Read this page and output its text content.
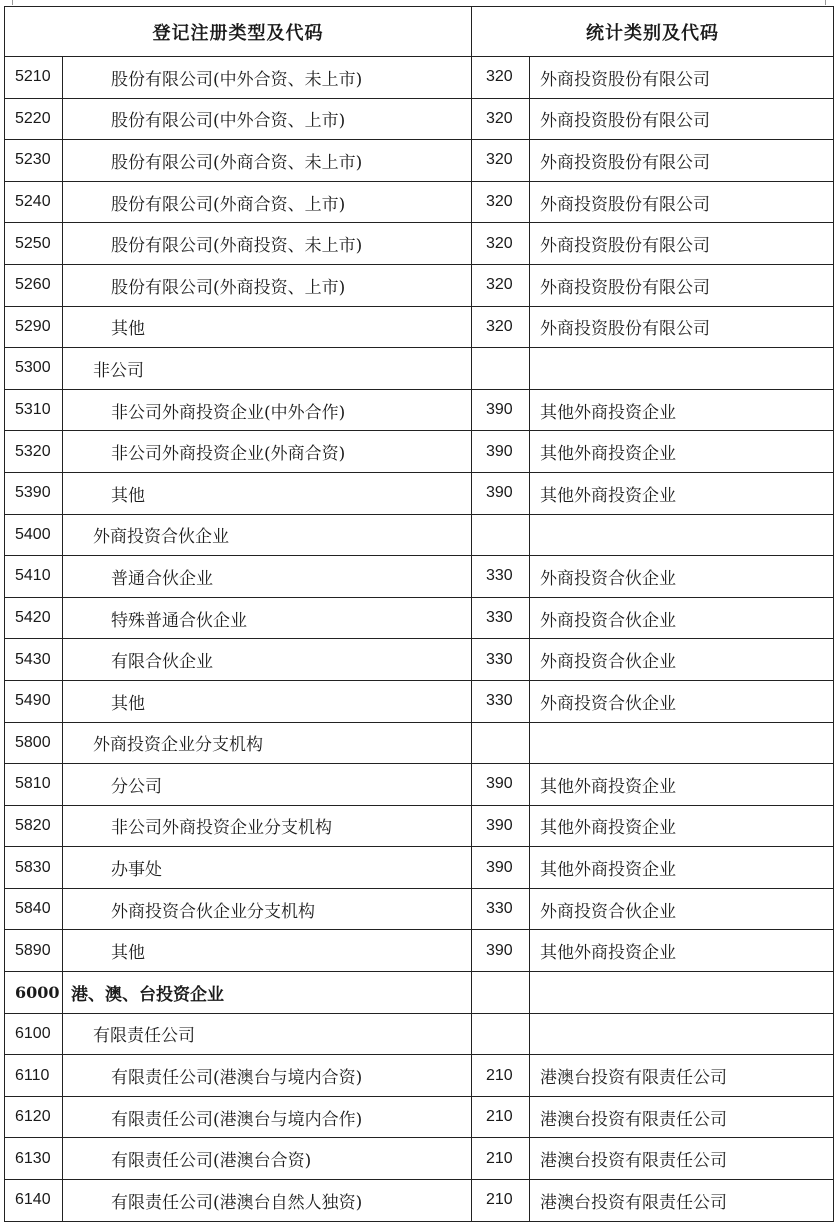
登记注册类型及代码		统计类别及代码	
5210	股份有限公司(中外合资、未上市)	320	外商投资股份有限公司
5220	股份有限公司(中外合资、上市)	320	外商投资股份有限公司
5230	股份有限公司(外商合资、未上市)	320	外商投资股份有限公司
5240	股份有限公司(外商合资、上市)	320	外商投资股份有限公司
5250	股份有限公司(外商投资、未上市)	320	外商投资股份有限公司
5260	股份有限公司(外商投资、上市)	320	外商投资股份有限公司
5290	其他	320	外商投资股份有限公司
5300	非公司		
5310	非公司外商投资企业(中外合作)	390	其他外商投资企业
5320	非公司外商投资企业(外商合资)	390	其他外商投资企业
5390	其他	390	其他外商投资企业
5400	外商投资合伙企业		
5410	普通合伙企业	330	外商投资合伙企业
5420	特殊普通合伙企业	330	外商投资合伙企业
5430	有限合伙企业	330	外商投资合伙企业
5490	其他	330	外商投资合伙企业
5800	外商投资企业分支机构		
5810	分公司	390	其他外商投资企业
5820	非公司外商投资企业分支机构	390	其他外商投资企业
5830	办事处	390	其他外商投资企业
5840	外商投资合伙企业分支机构	330	外商投资合伙企业
5890	其他	390	其他外商投资企业
6000	港、澳、台投资企业		
6100	有限责任公司		
6110	有限责任公司(港澳台与境内合资)	210	港澳台投资有限责任公司
6120	有限责任公司(港澳台与境内合作)	210	港澳台投资有限责任公司
6130	有限责任公司(港澳台合资)	210	港澳台投资有限责任公司
6140	有限责任公司(港澳台自然人独资)	210	港澳台投资有限责任公司
